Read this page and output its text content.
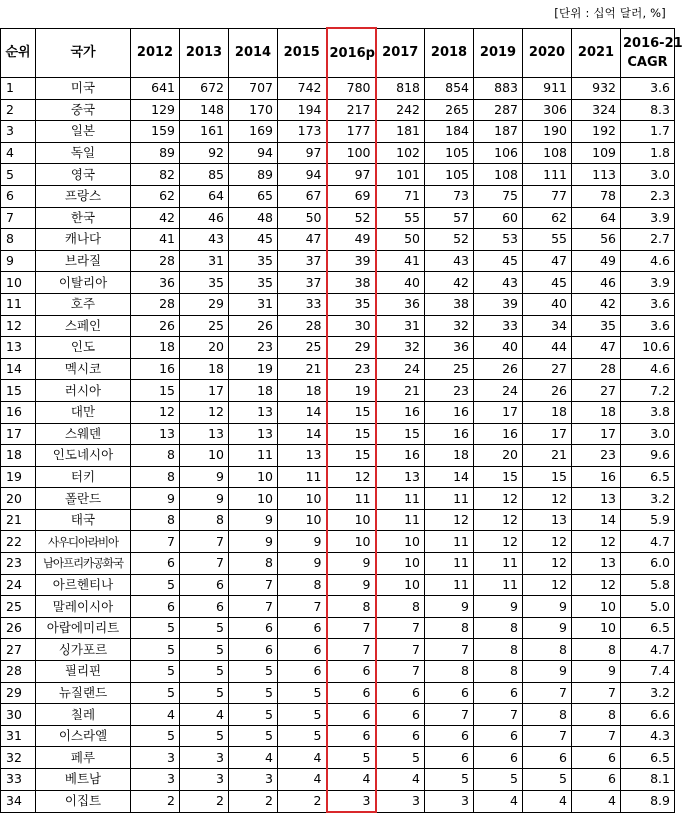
[단위 : 십억 달러, %]
순위	국가	2012	2013	2014	2015	2016p	2017	2018	2019	2020	2021	2016-21
CAGR
1	미국	641	672	707	742	780	818	854	883	911	932	3.6
2	중국	129	148	170	194	217	242	265	287	306	324	8.3
3	일본	159	161	169	173	177	181	184	187	190	192	1.7
4	독일	89	92	94	97	100	102	105	106	108	109	1.8
5	영국	82	85	89	94	97	101	105	108	111	113	3.0
6	프랑스	62	64	65	67	69	71	73	75	77	78	2.3
7	한국	42	46	48	50	52	55	57	60	62	64	3.9
8	캐나다	41	43	45	47	49	50	52	53	55	56	2.7
9	브라질	28	31	35	37	39	41	43	45	47	49	4.6
10	이탈리아	36	35	35	37	38	40	42	43	45	46	3.9
11	호주	28	29	31	33	35	36	38	39	40	42	3.6
12	스페인	26	25	26	28	30	31	32	33	34	35	3.6
13	인도	18	20	23	25	29	32	36	40	44	47	10.6
14	멕시코	16	18	19	21	23	24	25	26	27	28	4.6
15	러시아	15	17	18	18	19	21	23	24	26	27	7.2
16	대만	12	12	13	14	15	16	16	17	18	18	3.8
17	스웨덴	13	13	13	14	15	15	16	16	17	17	3.0
18	인도네시아	8	10	11	13	15	16	18	20	21	23	9.6
19	터키	8	9	10	11	12	13	14	15	15	16	6.5
20	폴란드	9	9	10	10	11	11	11	12	12	13	3.2
21	태국	8	8	9	10	10	11	12	12	13	14	5.9
22	사우디아라비아	7	7	9	9	10	10	11	12	12	12	4.7
23	남아프리카공화국	6	7	8	9	9	10	11	11	12	13	6.0
24	아르헨티나	5	6	7	8	9	10	11	11	12	12	5.8
25	말레이시아	6	6	7	7	8	8	9	9	9	10	5.0
26	아랍에미리트	5	5	6	6	7	7	8	8	9	10	6.5
27	싱가포르	5	5	6	6	7	7	7	8	8	8	4.7
28	필리핀	5	5	5	6	6	7	8	8	9	9	7.4
29	뉴질랜드	5	5	5	5	6	6	6	6	7	7	3.2
30	칠레	4	4	5	5	6	6	7	7	8	8	6.6
31	이스라엘	5	5	5	5	6	6	6	6	7	7	4.3
32	페루	3	3	4	4	5	5	6	6	6	6	6.5
33	베트남	3	3	3	4	4	4	5	5	5	6	8.1
34	이집트	2	2	2	2	3	3	3	4	4	4	8.9
